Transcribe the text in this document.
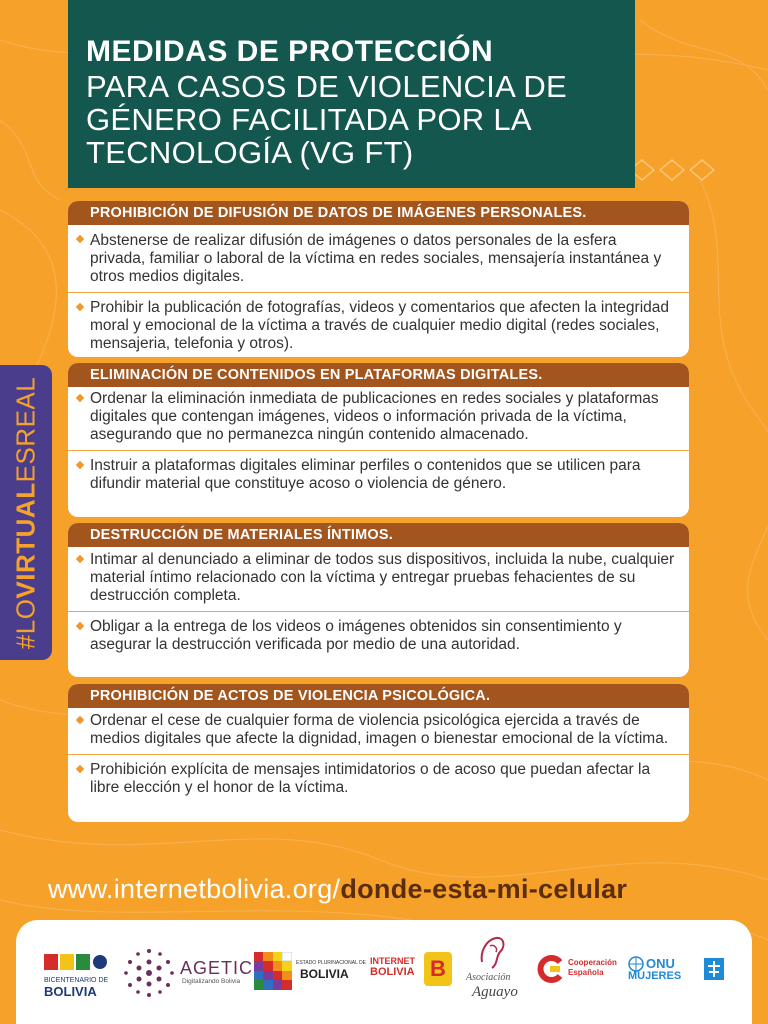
MEDIDAS DE PROTECCIÓN
PARA CASOS DE VIOLENCIA DE
GÉNERO FACILITADA POR LA
TECNOLOGÍA (VG FT)
#LOVIRTUALESREAL
PROHIBICIÓN DE DIFUSIÓN DE DATOS DE IMÁGENES PERSONALES.
Abstenerse de realizar difusión de imágenes o datos personales de la esfera privada, familiar o laboral de la víctima en redes sociales, mensajería instantánea y otros medios digitales.
Prohibir la publicación de fotografías, videos y comentarios que afecten la integridad moral y emocional de la víctima a través de cualquier medio digital (redes sociales, mensajeria, telefonia y otros).
ELIMINACIÓN DE CONTENIDOS EN PLATAFORMAS DIGITALES.
Ordenar la eliminación inmediata de publicaciones en redes sociales y plataformas digitales que contengan imágenes, videos o información privada de la víctima, asegurando que no permanezca ningún contenido almacenado.
Instruir a plataformas digitales eliminar perfiles o contenidos que se utilicen para difundir material que constituye acoso o violencia de género.
DESTRUCCIÓN DE MATERIALES ÍNTIMOS.
Intimar al denunciado a eliminar de todos sus dispositivos, incluida la nube, cualquier material íntimo relacionado con la víctima y entregar pruebas fehacientes de su destrucción completa.
Obligar a la entrega de los videos o imágenes obtenidos sin consentimiento y asegurar la destrucción verificada por medio de una autoridad.
PROHIBICIÓN DE ACTOS DE VIOLENCIA PSICOLÓGICA.
Ordenar el cese de cualquier forma de violencia psicológica ejercida a través de medios digitales que afecte la dignidad, imagen o bienestar emocional de la víctima.
Prohibición explícita de mensajes intimidatorios o de acoso que puedan afectar la libre elección y el honor de la víctima.
www.internetbolivia.org/donde-esta-mi-celular
BICENTENARIO DE
BOLIVIA
AGETIC
Digitalizando Bolivia
ESTADO PLURINACIONAL DE
BOLIVIA
INTERNET
BOLIVIA B	Asociación
Aguayo
Cooperación
Española
ONU
MUJERES
